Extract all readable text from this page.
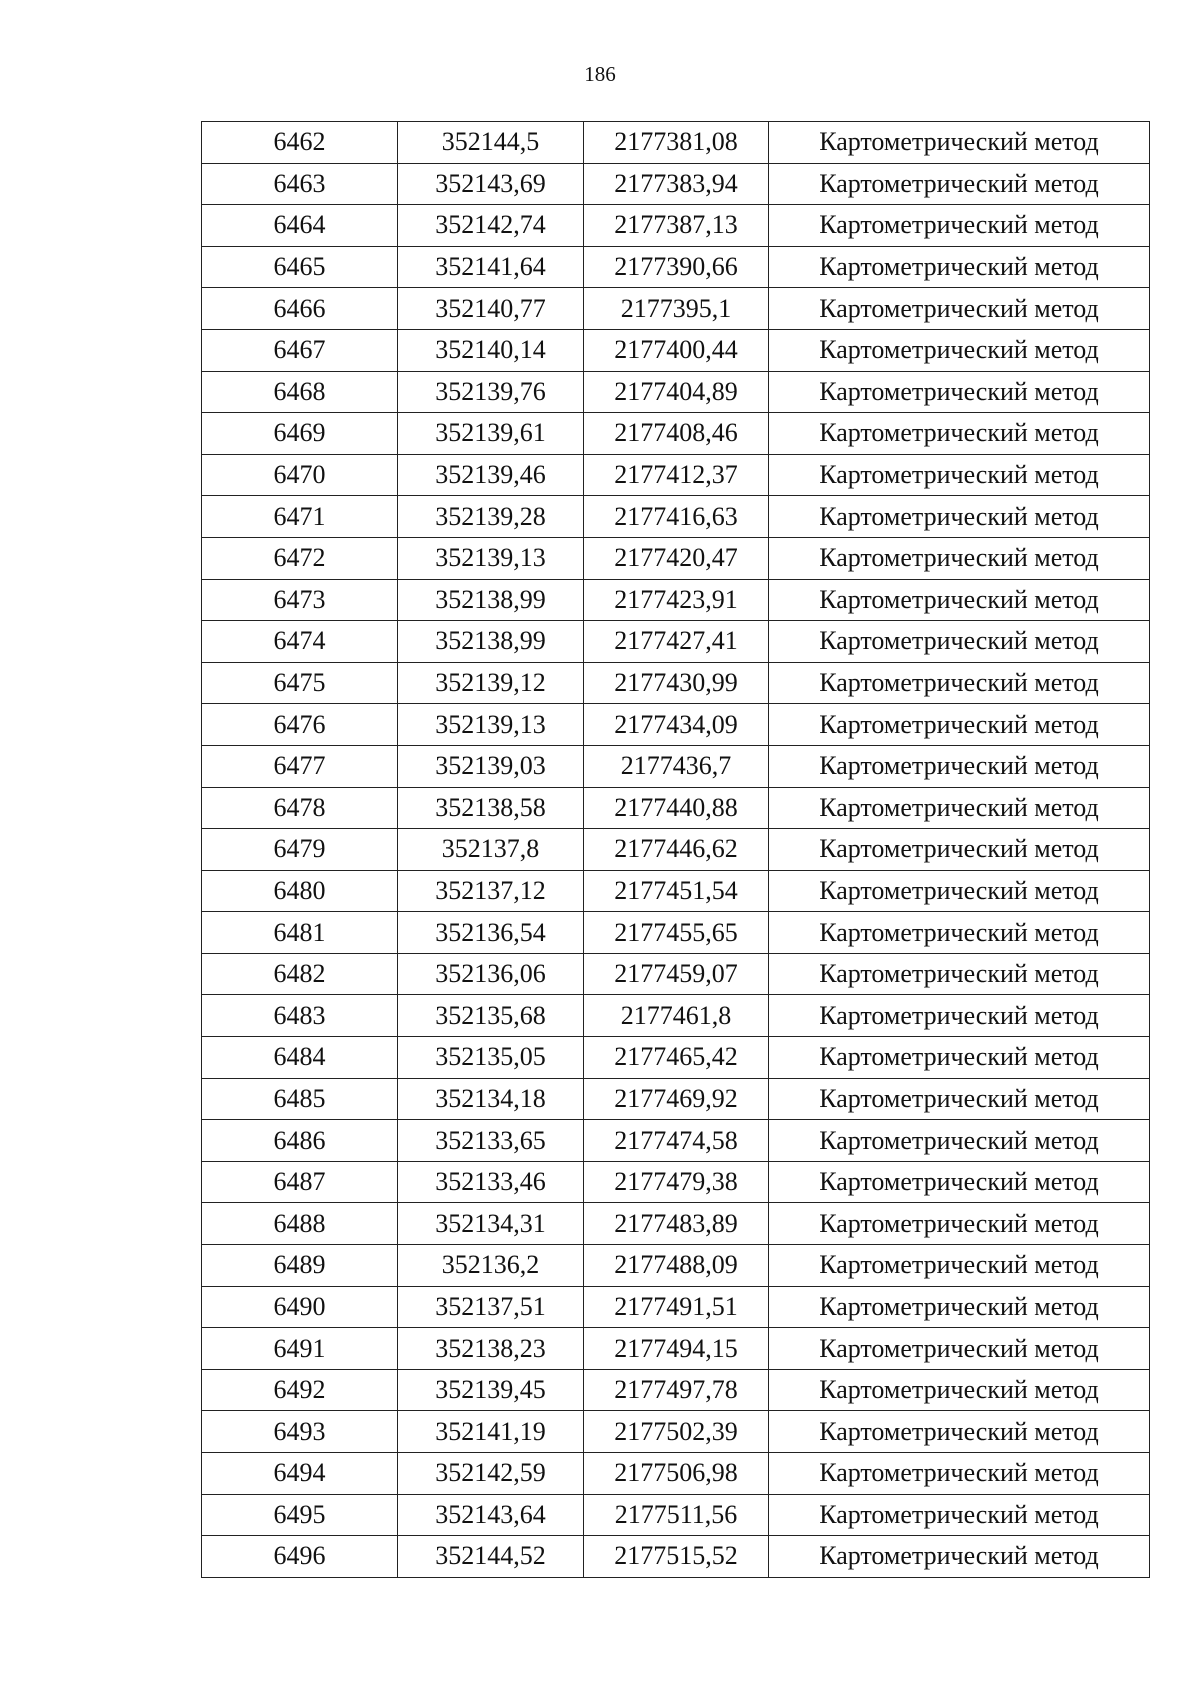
186
6462	352144,5	2177381,08	Картометрический метод
6463	352143,69	2177383,94	Картометрический метод
6464	352142,74	2177387,13	Картометрический метод
6465	352141,64	2177390,66	Картометрический метод
6466	352140,77	2177395,1	Картометрический метод
6467	352140,14	2177400,44	Картометрический метод
6468	352139,76	2177404,89	Картометрический метод
6469	352139,61	2177408,46	Картометрический метод
6470	352139,46	2177412,37	Картометрический метод
6471	352139,28	2177416,63	Картометрический метод
6472	352139,13	2177420,47	Картометрический метод
6473	352138,99	2177423,91	Картометрический метод
6474	352138,99	2177427,41	Картометрический метод
6475	352139,12	2177430,99	Картометрический метод
6476	352139,13	2177434,09	Картометрический метод
6477	352139,03	2177436,7	Картометрический метод
6478	352138,58	2177440,88	Картометрический метод
6479	352137,8	2177446,62	Картометрический метод
6480	352137,12	2177451,54	Картометрический метод
6481	352136,54	2177455,65	Картометрический метод
6482	352136,06	2177459,07	Картометрический метод
6483	352135,68	2177461,8	Картометрический метод
6484	352135,05	2177465,42	Картометрический метод
6485	352134,18	2177469,92	Картометрический метод
6486	352133,65	2177474,58	Картометрический метод
6487	352133,46	2177479,38	Картометрический метод
6488	352134,31	2177483,89	Картометрический метод
6489	352136,2	2177488,09	Картометрический метод
6490	352137,51	2177491,51	Картометрический метод
6491	352138,23	2177494,15	Картометрический метод
6492	352139,45	2177497,78	Картометрический метод
6493	352141,19	2177502,39	Картометрический метод
6494	352142,59	2177506,98	Картометрический метод
6495	352143,64	2177511,56	Картометрический метод
6496	352144,52	2177515,52	Картометрический метод
